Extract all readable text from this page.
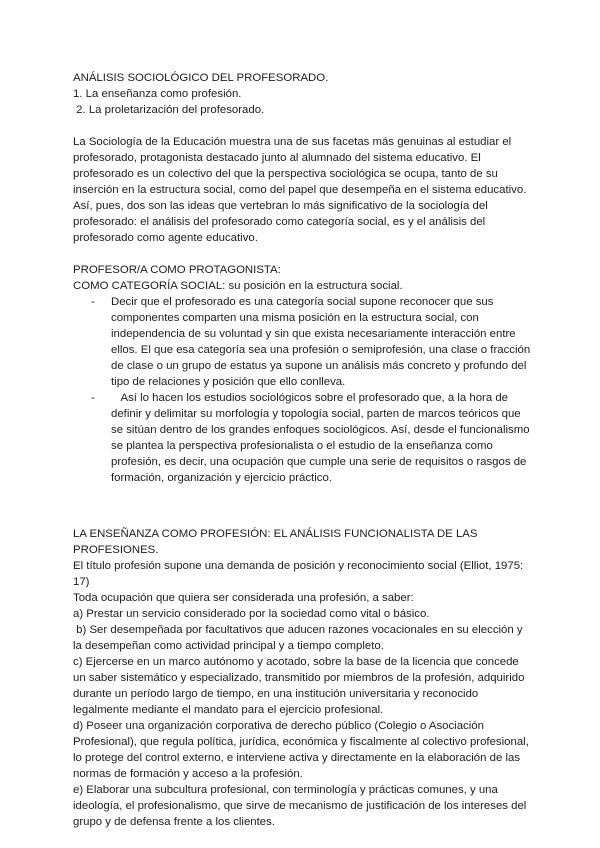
ANÁLISIS SOCIOLÓGICO DEL PROFESORADO.

1. La enseñanza como profesión.

2. La proletarización del profesorado.

La Sociología de la Educación muestra una de sus facetas más genuinas al estudiar el profesorado, protagonista destacado junto al alumnado del sistema educativo. El profesorado es un colectivo del que la perspectiva sociológica se ocupa, tanto de su inserción en la estructura social, como del papel que desempeña en el sistema educativo. Así, pues, dos son las ideas que vertebran lo más significativo de la sociología del profesorado: el análisis del profesorado como categoría social, es y el análisis del profesorado como agente educativo.

PROFESOR/A COMO PROTAGONISTA:

COMO CATEGORÍA SOCIAL: su posición en la estructura social.

- Decir que el profesorado es una categoría social supone reconocer que sus componentes comparten una misma posición en la estructura social, con independencia de su voluntad y sin que exista necesariamente interacción entre ellos. El que esa categoría sea una profesión o semiprofesión, una clase o fracción de clase o un grupo de estatus ya supone un análisis más concreto y profundo del tipo de relaciones y posición que ello conlleva.
- Así lo hacen los estudios sociológicos sobre el profesorado que, a la hora de definir y delimitar su morfología y topología social, parten de marcos teóricos que se sitúan dentro de los grandes enfoques sociológicos. Así, desde el funcionalismo se plantea la perspectiva profesionalista o el estudio de la enseñanza como profesión, es decir, una ocupación que cumple una serie de requisitos o rasgos de formación, organización y ejercicio práctico.

LA ENSEÑANZA COMO PROFESIÓN: EL ANÁLISIS FUNCIONALISTA DE LAS PROFESIONES.

El título profesión supone una demanda de posición y reconocimiento social (Elliot, 1975: 17)

Toda ocupación que quiera ser considerada una profesión, a saber:

a) Prestar un servicio considerado por la sociedad como vital o básico.

b) Ser desempeñada por facultativos que aducen razones vocacionales en su elección y la desempeñan como actividad principal y a tiempo completo.

c) Ejercerse en un marco autónomo y acotado, sobre la base de la licencia que concede un saber sistemático y especializado, transmitido por miembros de la profesión, adquirido durante un período largo de tiempo, en una institución universitaria y reconocido legalmente mediante el mandato para el ejercicio profesional.

d) Poseer una organización corporativa de derecho público (Colegio o Asociación Profesional), que regula política, jurídica, económica y fiscalmente al colectivo profesional, lo protege del control externo, e interviene activa y directamente en la elaboración de las normas de formación y acceso a la profesión.

e) Elaborar una subcultura profesional, con terminología y prácticas comunes, y una ideología, el profesionalismo, que sirve de mecanismo de justificación de los intereses del grupo y de defensa frente a los clientes.
